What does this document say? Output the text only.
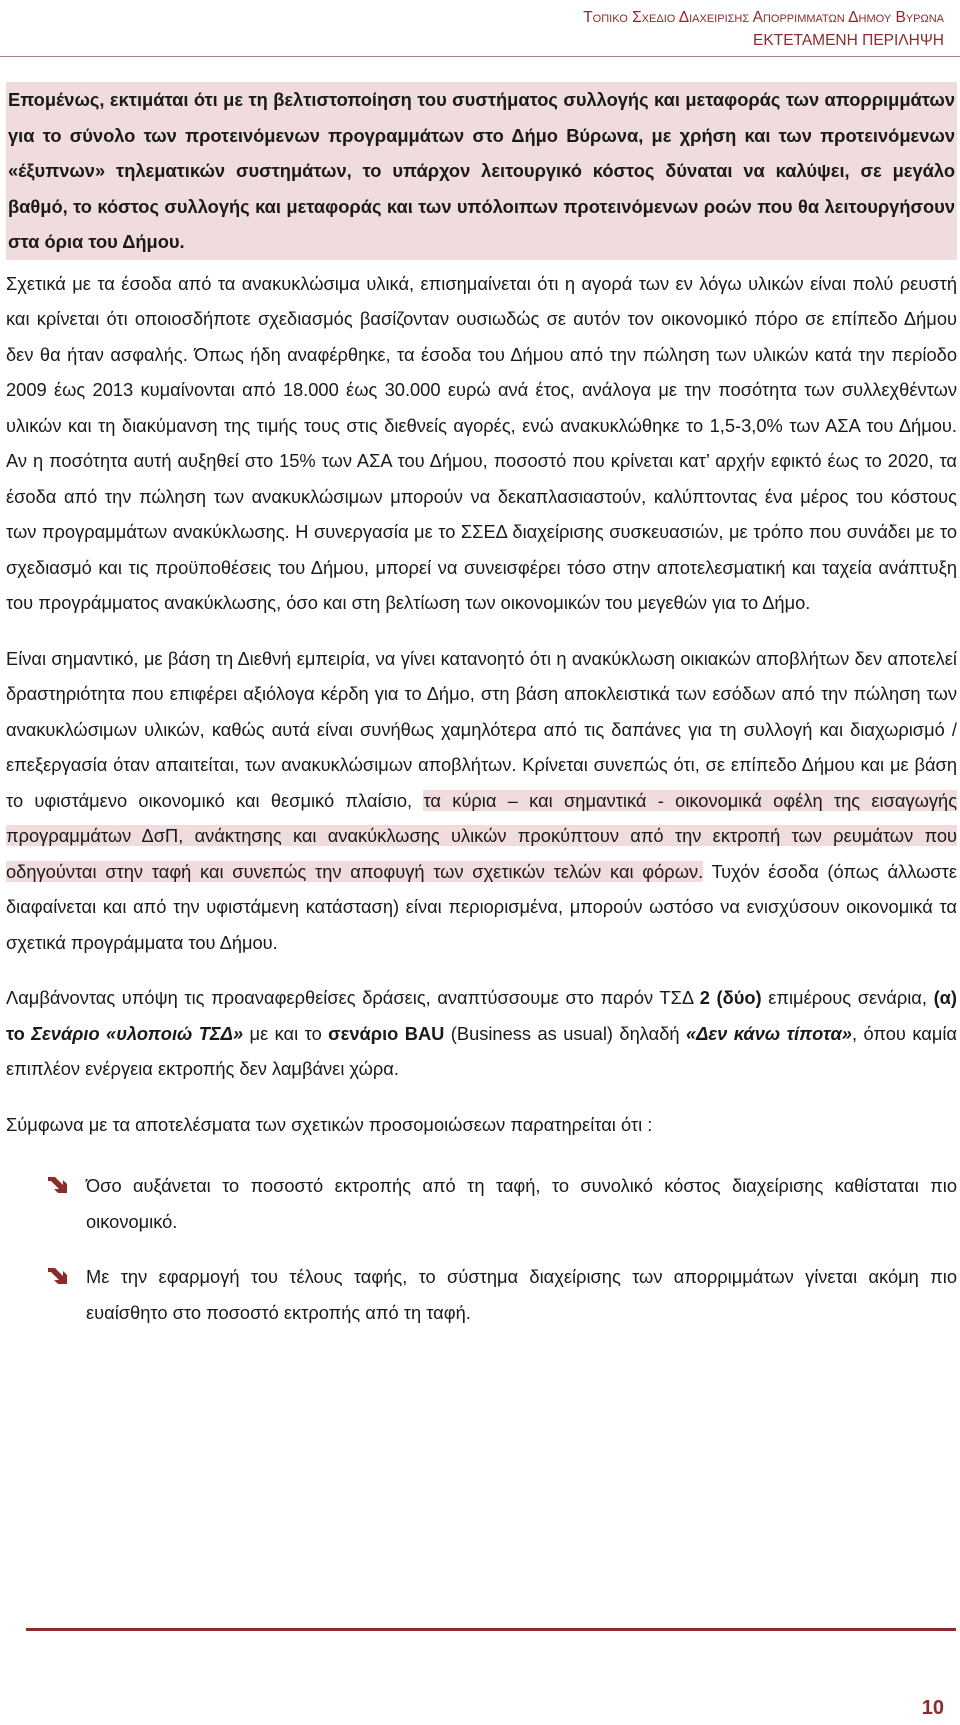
Τοπικο Σχεδιο Διαχειρισης Απορριμματων Δημου Βυρωνα
ΕΚΤΕΤΑΜΕΝΗ ΠΕΡΙΛΗΨΗ

Επομένως, εκτιμάται ότι με τη βελτιστοποίηση του συστήματος συλλογής και μεταφοράς των απορριμμάτων για το σύνολο των προτεινόμενων προγραμμάτων στο Δήμο Βύρωνα, με χρήση και των προτεινόμενων «έξυπνων» τηλεματικών συστημάτων, το υπάρχον λειτουργικό κόστος δύναται να καλύψει, σε μεγάλο βαθμό, το κόστος συλλογής και μεταφοράς και των υπόλοιπων προτεινόμενων ροών που θα λειτουργήσουν στα όρια του Δήμου.

Σχετικά με τα έσοδα από τα ανακυκλώσιμα υλικά, επισημαίνεται ότι η αγορά των εν λόγω υλικών είναι πολύ ρευστή και κρίνεται ότι οποιοσδήποτε σχεδιασμός βασίζονταν ουσιωδώς σε αυτόν τον οικονομικό πόρο σε επίπεδο Δήμου δεν θα ήταν ασφαλής. Όπως ήδη αναφέρθηκε, τα έσοδα του Δήμου από την πώληση των υλικών κατά την περίοδο 2009 έως 2013 κυμαίνονται από 18.000 έως 30.000 ευρώ ανά έτος, ανάλογα με την ποσότητα των συλλεχθέντων υλικών και τη διακύμανση της τιμής τους στις διεθνείς αγορές, ενώ ανακυκλώθηκε το 1,5-3,0% των ΑΣΑ του Δήμου. Αν η ποσότητα αυτή αυξηθεί στο 15% των ΑΣΑ του Δήμου, ποσοστό που κρίνεται κατ’ αρχήν εφικτό έως το 2020, τα έσοδα από την πώληση των ανακυκλώσιμων μπορούν να δεκαπλασιαστούν, καλύπτοντας ένα μέρος του κόστους των προγραμμάτων ανακύκλωσης. Η συνεργασία με το ΣΣΕΔ διαχείρισης συσκευασιών, με τρόπο που συνάδει με το σχεδιασμό και τις προϋποθέσεις του Δήμου, μπορεί να συνεισφέρει τόσο στην αποτελεσματική και ταχεία ανάπτυξη του προγράμματος ανακύκλωσης, όσο και στη βελτίωση των οικονομικών του μεγεθών για το Δήμο.

Είναι σημαντικό, με βάση τη Διεθνή εμπειρία, να γίνει κατανοητό ότι η ανακύκλωση οικιακών αποβλήτων δεν αποτελεί δραστηριότητα που επιφέρει αξιόλογα κέρδη για το Δήμο, στη βάση αποκλειστικά των εσόδων από την πώληση των ανακυκλώσιμων υλικών, καθώς αυτά είναι συνήθως χαμηλότερα από τις δαπάνες για τη συλλογή και διαχωρισμό / επεξεργασία όταν απαιτείται, των ανακυκλώσιμων αποβλήτων. Κρίνεται συνεπώς ότι, σε επίπεδο Δήμου και με βάση το υφιστάμενο οικονομικό και θεσμικό πλαίσιο, τα κύρια – και σημαντικά - οικονομικά οφέλη της εισαγωγής προγραμμάτων ΔσΠ, ανάκτησης και ανακύκλωσης υλικών προκύπτουν από την εκτροπή των ρευμάτων που οδηγούνται στην ταφή και συνεπώς την αποφυγή των σχετικών τελών και φόρων. Τυχόν έσοδα (όπως άλλωστε διαφαίνεται και από την υφιστάμενη κατάσταση) είναι περιορισμένα, μπορούν ωστόσο να ενισχύσουν οικονομικά τα σχετικά προγράμματα του Δήμου.

Λαμβάνοντας υπόψη τις προαναφερθείσες δράσεις, αναπτύσσουμε στο παρόν ΤΣΔ 2 (δύο) επιμέρους σενάρια, (α) το Σενάριο «υλοποιώ ΤΣΔ» με και το σενάριο BAU (Business as usual) δηλαδή «Δεν κάνω τίποτα», όπου καμία επιπλέον ενέργεια εκτροπής δεν λαμβάνει χώρα.

Σύμφωνα με τα αποτελέσματα των σχετικών προσομοιώσεων παρατηρείται ότι :

Όσο αυξάνεται το ποσοστό εκτροπής από τη ταφή, το συνολικό κόστος διαχείρισης καθίσταται πιο οικονομικό.

Με την εφαρμογή του τέλους ταφής, το σύστημα διαχείρισης των απορριμμάτων γίνεται ακόμη πιο ευαίσθητο στο ποσοστό εκτροπής από τη ταφή.

10
